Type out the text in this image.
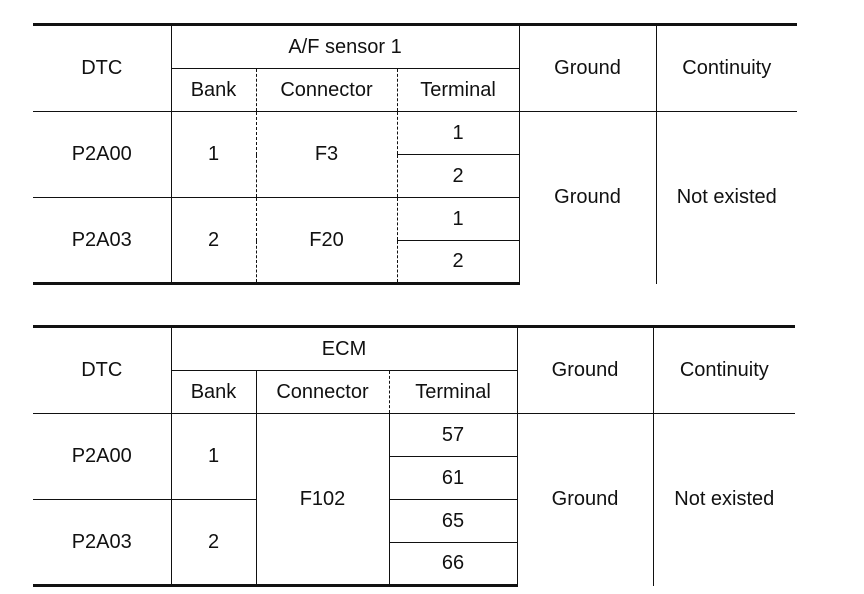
DTC	A/F sensor 1			Ground	Continuity
	Bank	Connector	Terminal		
P2A00	1	F3	1	Ground	Not existed
			2		
P2A03	2	F20	1		
			2		
DTC	ECM			Ground	Continuity
	Bank	Connector	Terminal		
P2A00	1	F102	57	Ground	Not existed
			61		
P2A03	2		65		
			66		
